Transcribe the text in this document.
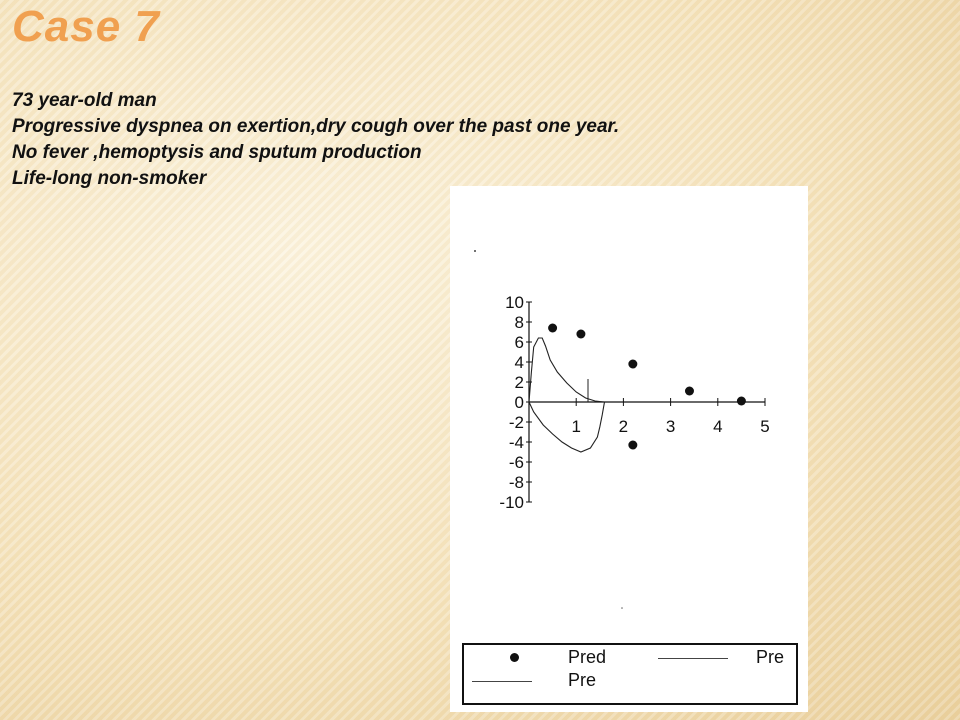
Case 7
73 year-old man
Progressive dyspnea on exertion,dry cough over the past one year.
No fever ,hemoptysis and sputum production
Life-long non-smoker
10
8
6
4
2
0
-2
-4
-6
-8
-10
1 2 3 4 5
Pred	Pre
Pre
